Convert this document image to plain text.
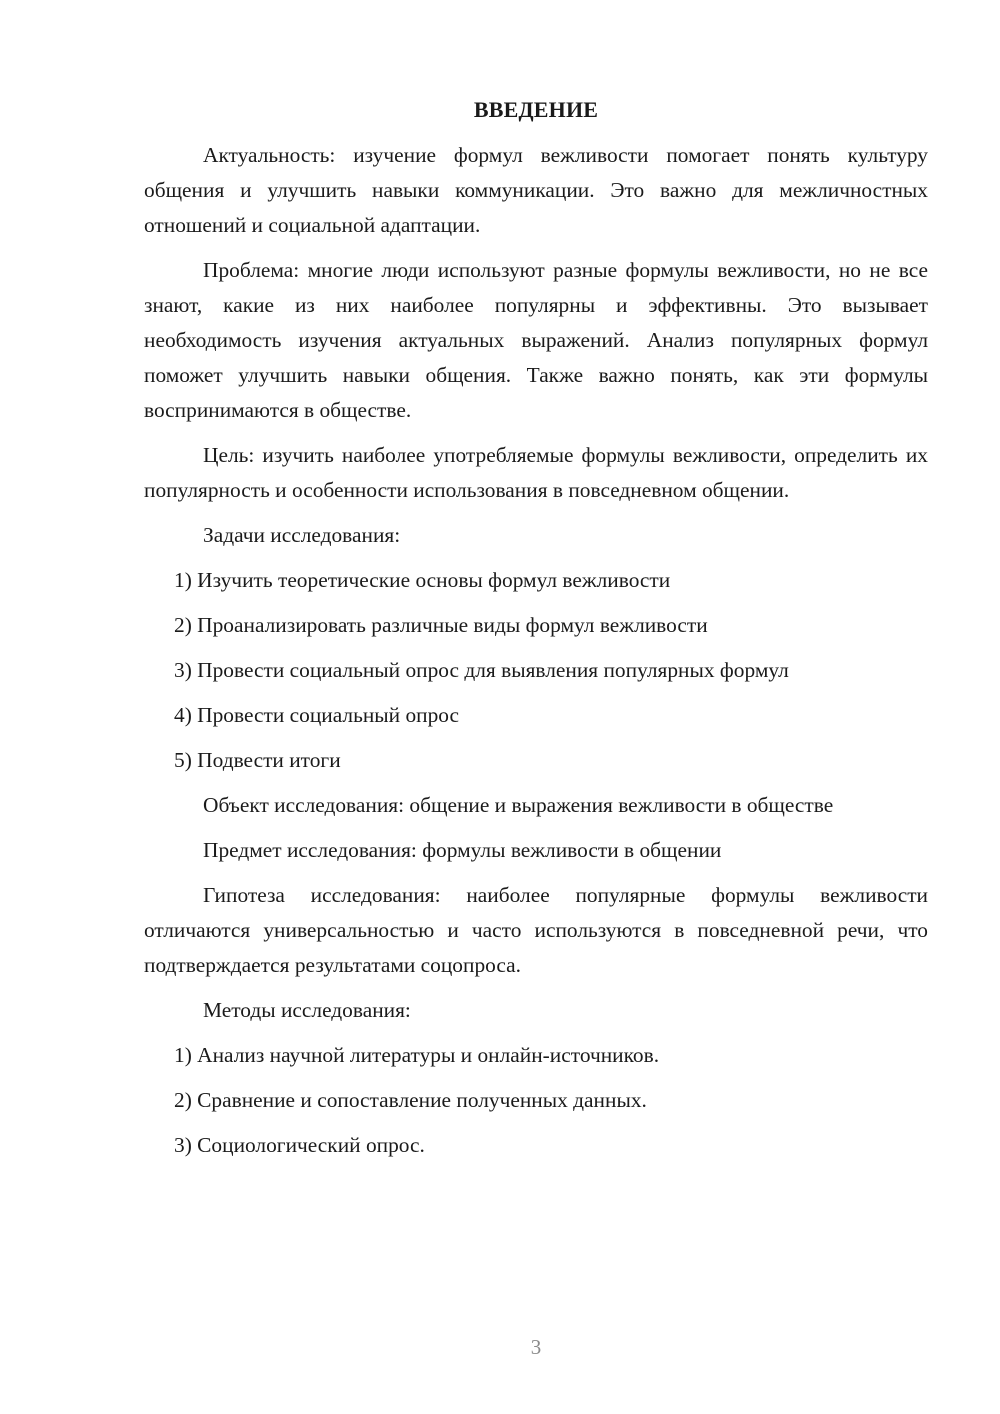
ВВЕДЕНИЕ

Актуальность: изучение формул вежливости помогает понять культуру общения и улучшить навыки коммуникации. Это важно для межличностных отношений и социальной адаптации.

Проблема: многие люди используют разные формулы вежливости, но не все знают, какие из них наиболее популярны и эффективны. Это вызывает необходимость изучения актуальных выражений. Анализ популярных формул поможет улучшить навыки общения. Также важно понять, как эти формулы воспринимаются в обществе.

Цель: изучить наиболее употребляемые формулы вежливости, определить их популярность и особенности использования в повседневном общении.

Задачи исследования:
1) Изучить теоретические основы формул вежливости
2) Проанализировать различные виды формул вежливости
3) Провести социальный опрос для выявления популярных формул
4) Провести социальный опрос
5) Подвести итоги
Объект исследования: общение и выражения вежливости в обществе
Предмет исследования: формулы вежливости в общении

Гипотеза исследования: наиболее популярные формулы вежливости отличаются универсальностью и часто используются в повседневной речи, что подтверждается результатами соцопроса.

Методы исследования:
1) Анализ научной литературы и онлайн-источников.
2) Сравнение и сопоставление полученных данных.
3) Социологический опрос.
3
